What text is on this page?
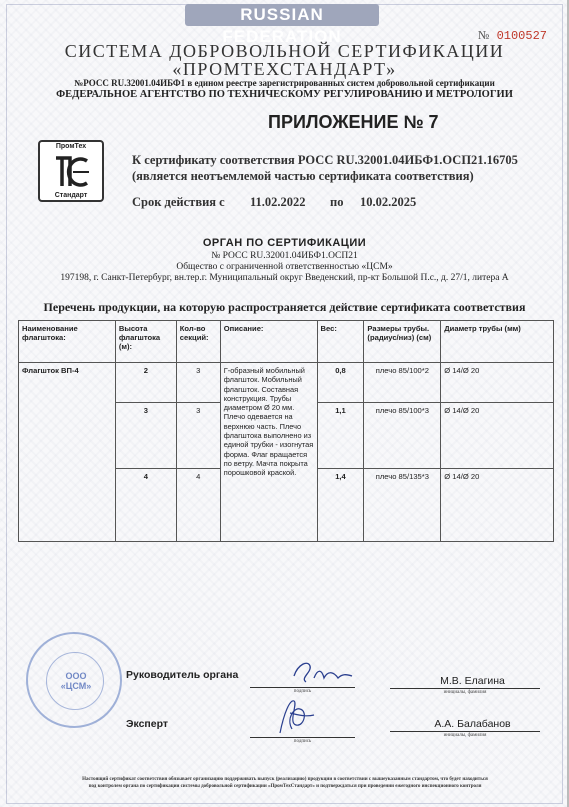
RUSSIAN FEDERATION	№ 0100527
СИСТЕМА ДОБРОВОЛЬНОЙ СЕРТИФИКАЦИИ
«ПРОМТЕХСТАНДАРТ»
№РОСС RU.32001.04ИБФ1 в едином реестре зарегистрированных систем добровольной сертификации
ФЕДЕРАЛЬНОЕ АГЕНТСТВО ПО ТЕХНИЧЕСКОМУ РЕГУЛИРОВАНИЮ И МЕТРОЛОГИИ
ПРИЛОЖЕНИЕ № 7
ПромТех
Стандарт
К сертификату соответствия РОСС RU.32001.04ИБФ1.ОСП21.16705
(является неотъемлемой частью сертификата соответствия)
Срок действия с 11.02.2022 по 10.02.2025
ОРГАН ПО СЕРТИФИКАЦИИ
№ РОСС RU.32001.04ИБФ1.ОСП21
Общество с ограниченной ответственностью «ЦСМ»
197198, г. Санкт-Петербург, вн.тер.г. Муниципальный округ Введенский, пр-кт Большой П.с., д. 27/1, литера А
Перечень продукции, на которую распространяется действие сертификата соответствия
Наименование флагштока:	Высота флагштока (м):	Кол-во секций:	Описание:	Вес:	Размеры трубы. (радиус/низ) (см)	Диаметр трубы (мм)
Флагшток ВП-4	2	3	Г-образный мобильный флагшток. Мобильный флагшток. Составная конструкция. Трубы диаметром Ø 20 мм. Плечо одевается на верхнюю часть. Плечо флагштока выполнено из единой трубки - изогнутая форма. Флаг вращается по ветру. Мачта покрыта порошковой краской.	0,8	плечо 85/100*2	Ø 14/Ø 20
	3	3		1,1	плечо 85/100*3	Ø 14/Ø 20
	4	4		1,4	плечо 85/135*3	Ø 14/Ø 20
ООО «ЦСМ»
Руководитель органа
подпись
М.В. Елагина
инициалы, фамилия
Эксперт
подпись
А.А. Балабанов
инициалы, фамилия
Настоящий сертификат соответствия обязывает организацию поддерживать выпуск (реализацию) продукции в соответствии с вышеуказанным стандартом, что будет находиться
под контролем органа по сертификации системы добровольной сертификации «ПромТехСтандарт» и подтверждаться при проведении ежегодного инспекционного контроля
